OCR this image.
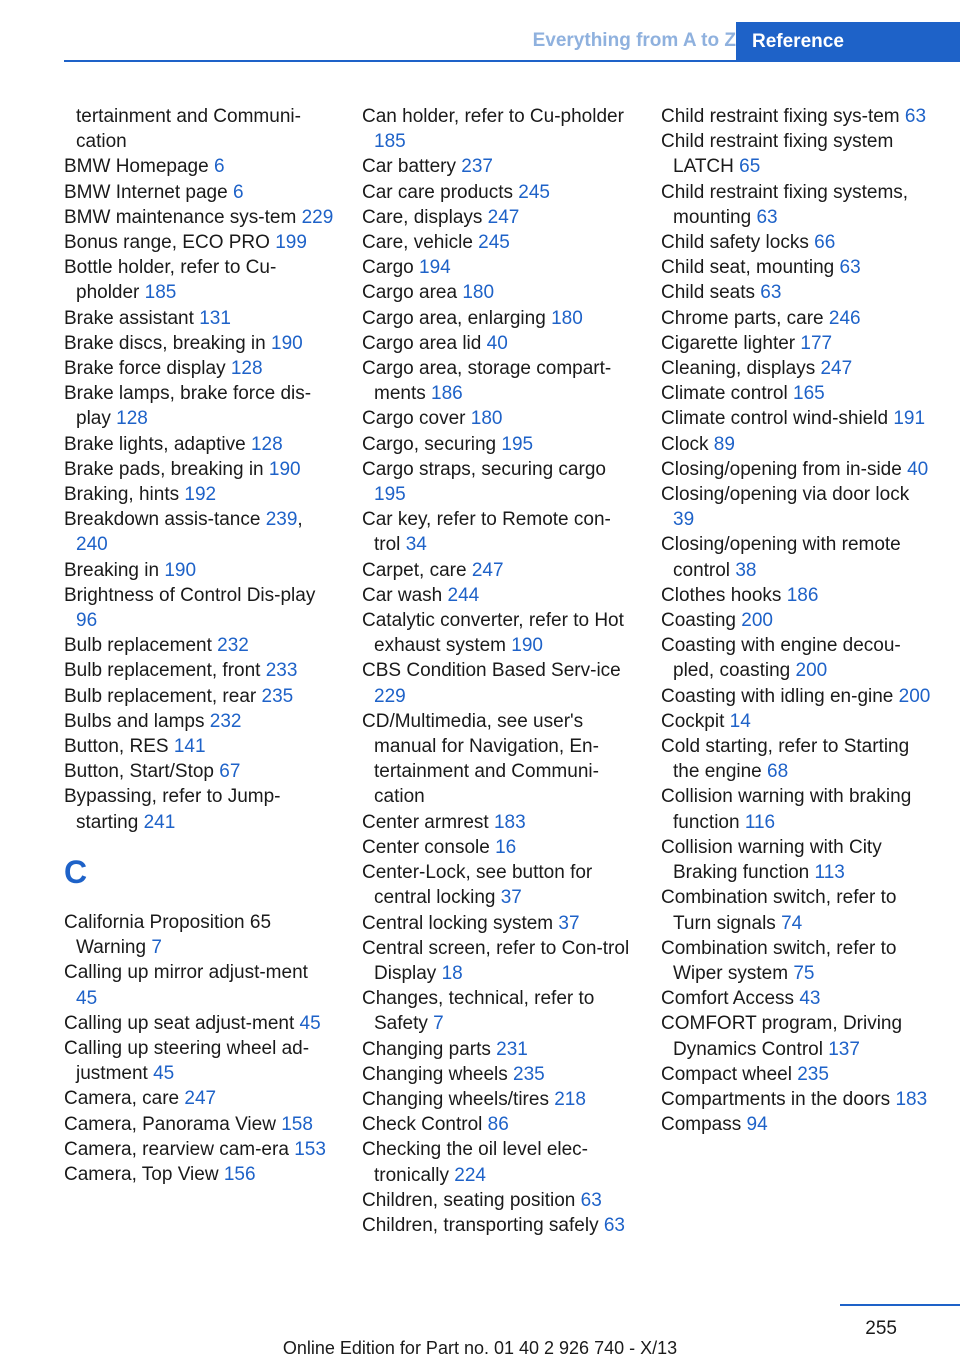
Everything from A to Z Reference
tertainment and Communi-cation
BMW Homepage 6
BMW Internet page 6
BMW maintenance sys-tem 229
Bonus range, ECO PRO 199
Bottle holder, refer to Cu-pholder 185
Brake assistant 131
Brake discs, breaking in 190
Brake force display 128
Brake lamps, brake force dis-play 128
Brake lights, adaptive 128
Brake pads, breaking in 190
Braking, hints 192
Breakdown assis-tance 239, 240
Breaking in 190
Brightness of Control Dis-play 96
Bulb replacement 232
Bulb replacement, front 233
Bulb replacement, rear 235
Bulbs and lamps 232
Button, RES 141
Button, Start/Stop 67
Bypassing, refer to Jump-starting 241
C
California Proposition 65 Warning 7
Calling up mirror adjust-ment 45
Calling up seat adjust-ment 45
Calling up steering wheel ad-justment 45
Camera, care 247
Camera, Panorama View 158
Camera, rearview cam-era 153
Camera, Top View 156
Can holder, refer to Cu-pholder 185
Car battery 237
Car care products 245
Care, displays 247
Care, vehicle 245
Cargo 194
Cargo area 180
Cargo area, enlarging 180
Cargo area lid 40
Cargo area, storage compart-ments 186
Cargo cover 180
Cargo, securing 195
Cargo straps, securing cargo 195
Car key, refer to Remote con-trol 34
Carpet, care 247
Car wash 244
Catalytic converter, refer to Hot exhaust system 190
CBS Condition Based Serv-ice 229
CD/Multimedia, see user's manual for Navigation, En-tertainment and Communi-cation
Center armrest 183
Center console 16
Center-Lock, see button for central locking 37
Central locking system 37
Central screen, refer to Con-trol Display 18
Changes, technical, refer to Safety 7
Changing parts 231
Changing wheels 235
Changing wheels/tires 218
Check Control 86
Checking the oil level elec-tronically 224
Children, seating position 63
Children, transporting safely 63
Child restraint fixing sys-tem 63
Child restraint fixing system LATCH 65
Child restraint fixing systems, mounting 63
Child safety locks 66
Child seat, mounting 63
Child seats 63
Chrome parts, care 246
Cigarette lighter 177
Cleaning, displays 247
Climate control 165
Climate control wind-shield 191
Clock 89
Closing/opening from in-side 40
Closing/opening via door lock 39
Closing/opening with remote control 38
Clothes hooks 186
Coasting 200
Coasting with engine decou-pled, coasting 200
Coasting with idling en-gine 200
Cockpit 14
Cold starting, refer to Starting the engine 68
Collision warning with braking function 116
Collision warning with City Braking function 113
Combination switch, refer to Turn signals 74
Combination switch, refer to Wiper system 75
Comfort Access 43
COMFORT program, Driving Dynamics Control 137
Compact wheel 235
Compartments in the doors 183
Compass 94
255
Online Edition for Part no. 01 40 2 926 740 - X/13
